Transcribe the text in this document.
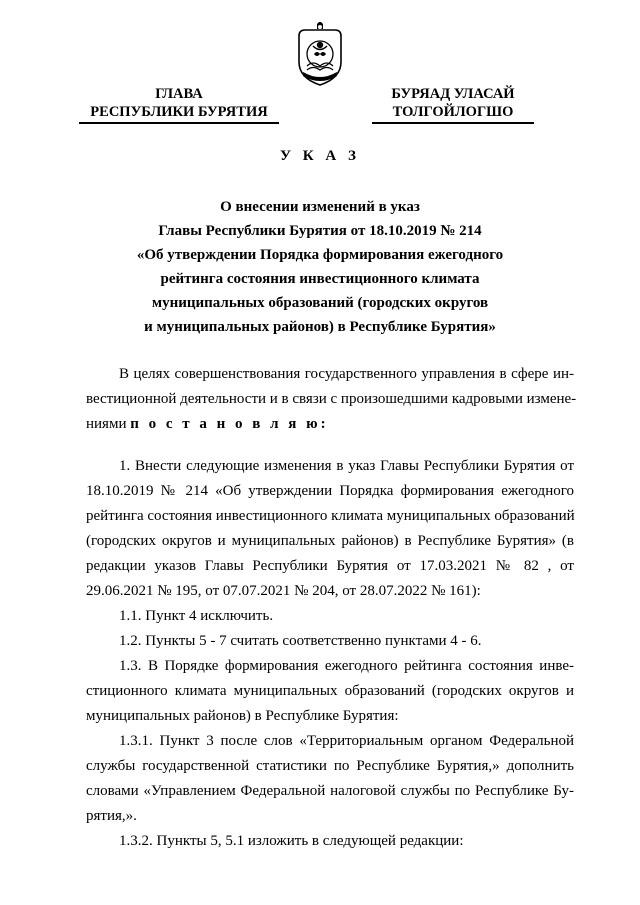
ГЛАВА
РЕСПУБЛИКИ БУРЯТИЯ
БУРЯАД УЛАСАЙ
ТОЛГОЙЛОГШО
У К А З
О внесении изменений в указ
Главы Республики Бурятия от 18.10.2019 № 214
«Об утверждении Порядка формирования ежегодного
рейтинга состояния инвестиционного климата
муниципальных образований (городских округов
и муниципальных районов) в Республике Бурятия»
В целях совершенствования государственного управления в сфере ин-
вестиционной деятельности и в связи с произошедшими кадровыми измене-
ниями п о с т а н о в л я ю:
1. Внести следующие изменения в указ Главы Республики Бурятия от
18.10.2019 № 214 «Об утверждении Порядка формирования ежегодного
рейтинга состояния инвестиционного климата муниципальных образований
(городских округов и муниципальных районов) в Республике Бурятия» (в
редакции указов Главы Республики Бурятия от 17.03.2021 № 82 , от
29.06.2021 № 195, от 07.07.2021 № 204, от 28.07.2022 № 161):
1.1. Пункт 4 исключить.
1.2. Пункты 5 - 7 считать соответственно пунктами 4 - 6.
1.3. В Порядке формирования ежегодного рейтинга состояния инве-
стиционного климата муниципальных образований (городских округов и
муниципальных районов) в Республике Бурятия:
1.3.1. Пункт 3 после слов «Территориальным органом Федеральной
службы государственной статистики по Республике Бурятия,» дополнить
словами «Управлением Федеральной налоговой службы по Республике Бу-
рятия,».
1.3.2. Пункты 5, 5.1 изложить в следующей редакции:
